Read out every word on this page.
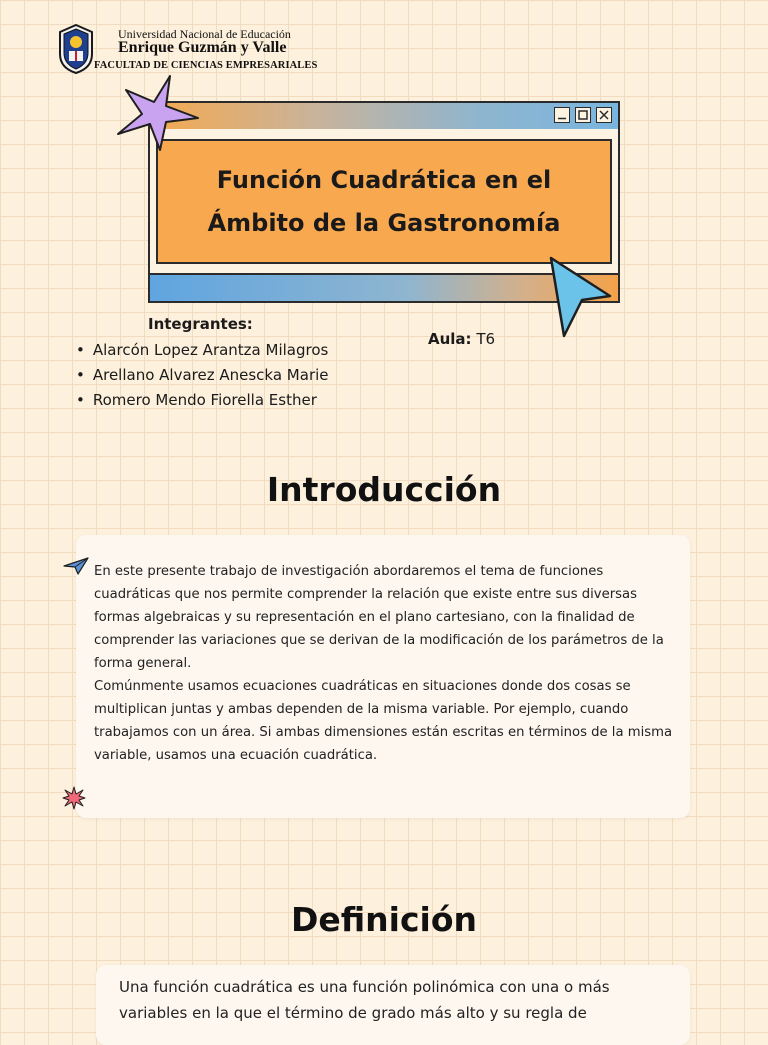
Universidad Nacional de Educación
Enrique Guzmán y Valle
FACULTAD DE CIENCIAS EMPRESARIALES
Función Cuadrática en el
Ámbito de la Gastronomía
Integrantes:
• Alarcón Lopez Arantza Milagros
• Arellano Alvarez Anescka Marie
• Romero Mendo Fiorella Esther
Aula: T6
Introducción

En este presente trabajo de investigación abordaremos el tema de funciones cuadráticas que nos permite comprender la relación que existe entre sus diversas formas algebraicas y su representación en el plano cartesiano, con la finalidad de comprender las variaciones que se derivan de la modificación de los parámetros de la forma general.
Comúnmente usamos ecuaciones cuadráticas en situaciones donde dos cosas se multiplican juntas y ambas dependen de la misma variable. Por ejemplo, cuando trabajamos con un área. Si ambas dimensiones están escritas en términos de la misma variable, usamos una ecuación cuadrática.

Definición

Una función cuadrática es una función polinómica con una o más variables en la que el término de grado más alto y su regla de
